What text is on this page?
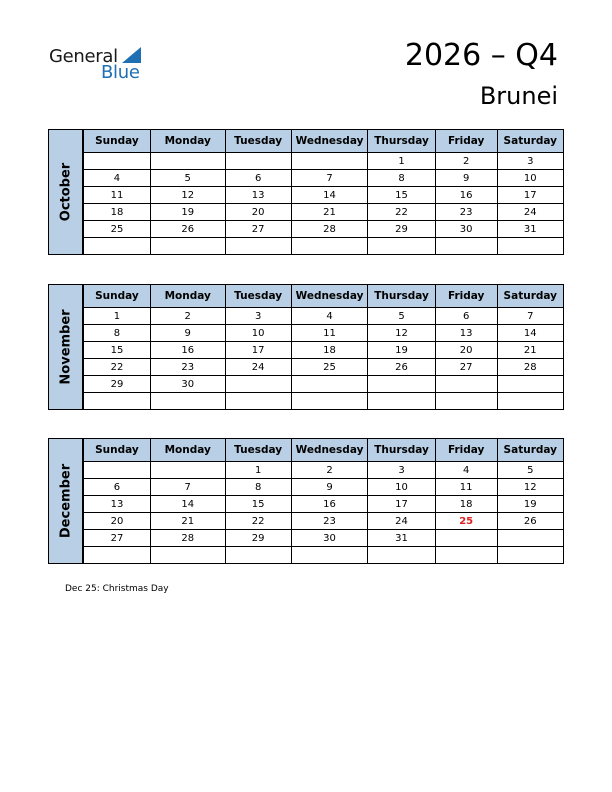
General
Blue	2026 – Q4
Brunei
Sunday	Monday	Tuesday	Wednesday	Thursday	Friday	Saturday
				1	2	3
4	5	6	7	8	9	10
11	12	13	14	15	16	17
18	19	20	21	22	23	24
25	26	27	28	29	30	31

October
Sunday	Monday	Tuesday	Wednesday	Thursday	Friday	Saturday
1	2	3	4	5	6	7
8	9	10	11	12	13	14
15	16	17	18	19	20	21
22	23	24	25	26	27	28
29	30					

November
Sunday	Monday	Tuesday	Wednesday	Thursday	Friday	Saturday
		1	2	3	4	5
6	7	8	9	10	11	12
13	14	15	16	17	18	19
20	21	22	23	24	25	26
27	28	29	30	31		

December
Dec 25: Christmas Day
